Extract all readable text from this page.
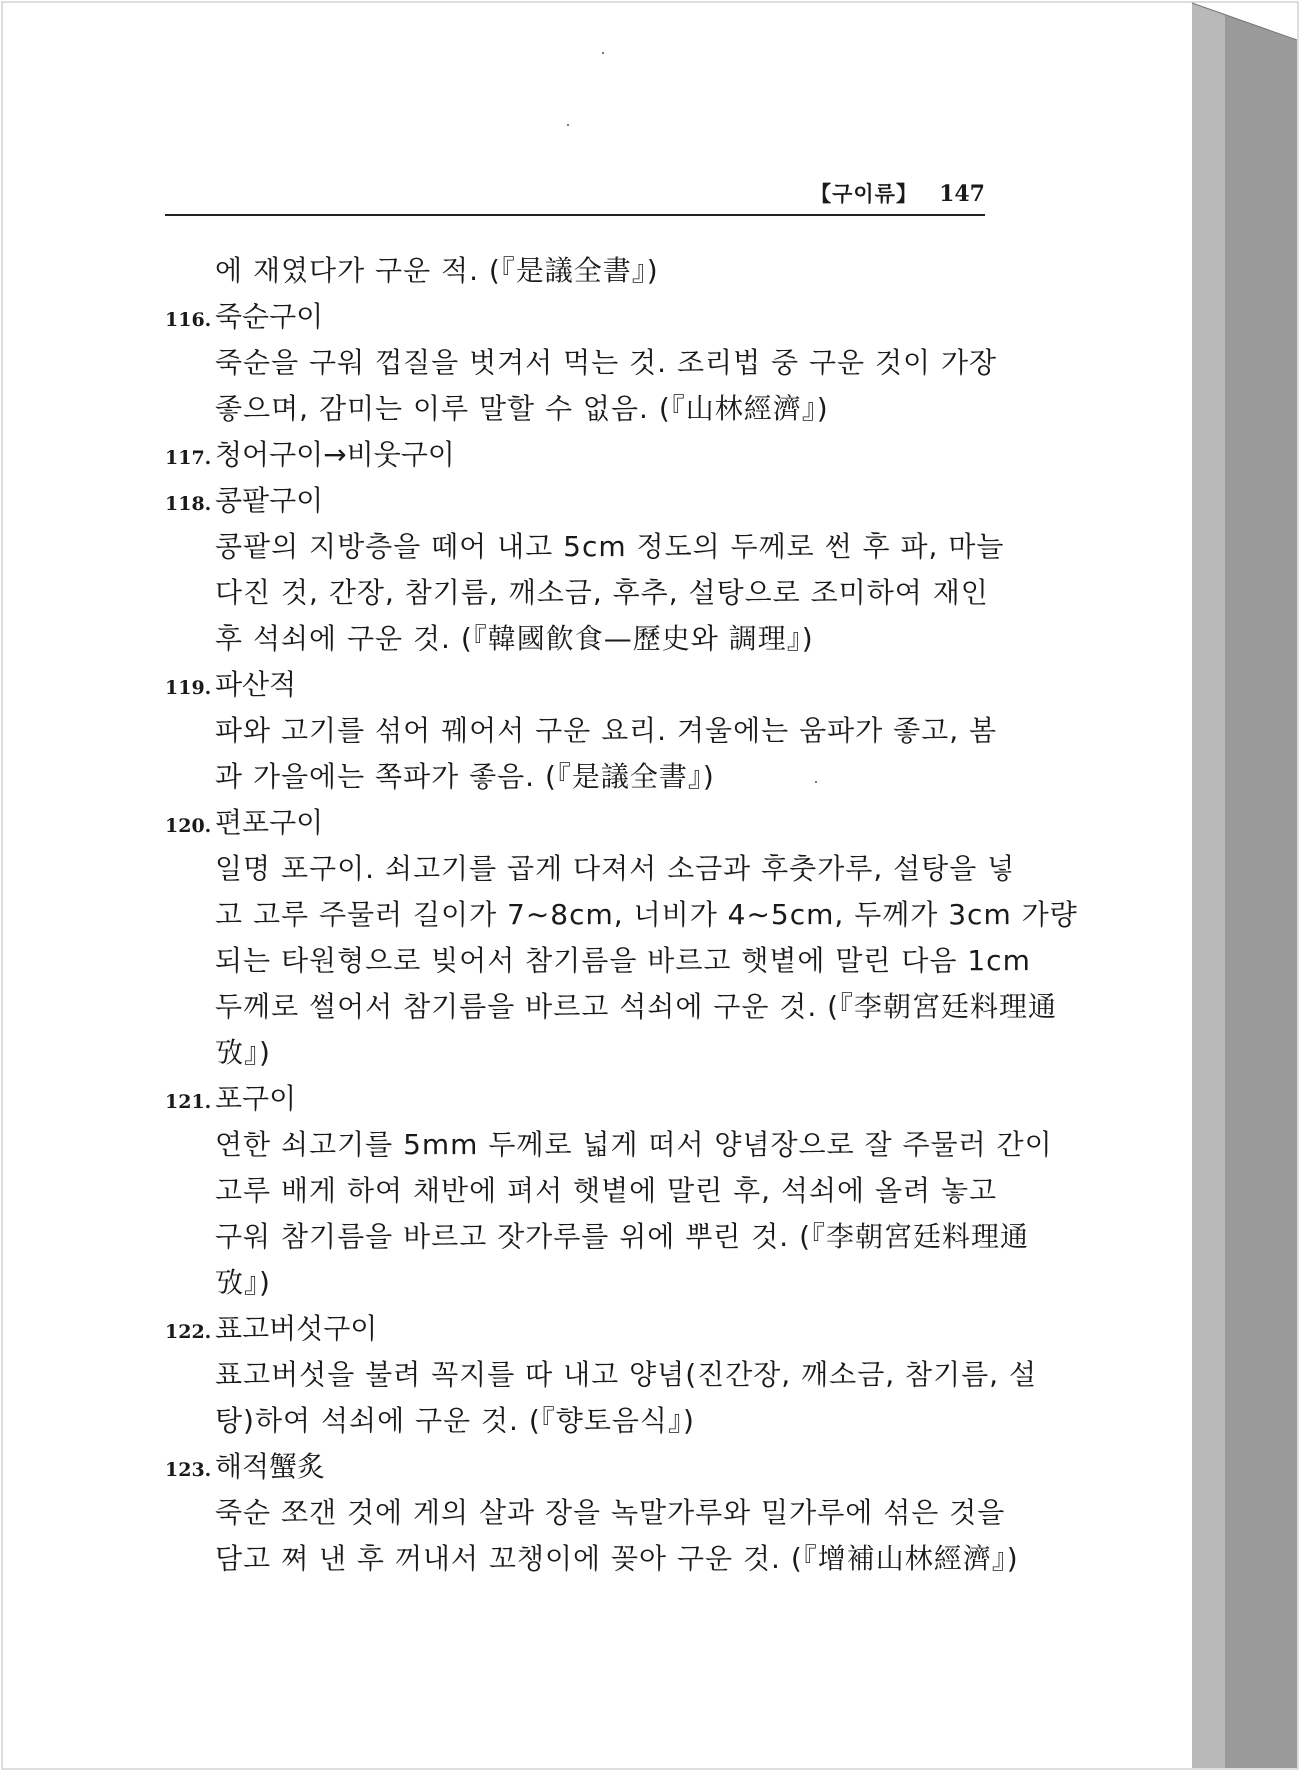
【구이류】 147
에 재였다가 구운 적. (『是議全書』)
116. 죽순구이
죽순을 구워 껍질을 벗겨서 먹는 것. 조리법 중 구운 것이 가장
좋으며, 감미는 이루 말할 수 없음. (『山林經濟』)
117. 청어구이→비웃구이
118. 콩팥구이
콩팥의 지방층을 떼어 내고 5cm 정도의 두께로 썬 후 파, 마늘
다진 것, 간장, 참기름, 깨소금, 후추, 설탕으로 조미하여 재인
후 석쇠에 구운 것. (『韓國飮食—歷史와 調理』)
119. 파산적
파와 고기를 섞어 꿰어서 구운 요리. 겨울에는 움파가 좋고, 봄
과 가을에는 쪽파가 좋음. (『是議全書』)
120. 편포구이
일명 포구이. 쇠고기를 곱게 다져서 소금과 후춧가루, 설탕을 넣
고 고루 주물러 길이가 7∼8cm, 너비가 4∼5cm, 두께가 3cm 가량
되는 타원형으로 빚어서 참기름을 바르고 햇볕에 말린 다음 1cm
두께로 썰어서 참기름을 바르고 석쇠에 구운 것. (『李朝宮廷料理通
攷』)
121. 포구이
연한 쇠고기를 5mm 두께로 넓게 떠서 양념장으로 잘 주물러 간이
고루 배게 하여 채반에 펴서 햇볕에 말린 후, 석쇠에 올려 놓고
구워 참기름을 바르고 잣가루를 위에 뿌린 것. (『李朝宮廷料理通
攷』)
122. 표고버섯구이
표고버섯을 불려 꼭지를 따 내고 양념(진간장, 깨소금, 참기름, 설
탕)하여 석쇠에 구운 것. (『향토음식』)
123. 해적蟹炙
죽순 쪼갠 것에 게의 살과 장을 녹말가루와 밀가루에 섞은 것을
담고 쪄 낸 후 꺼내서 꼬챙이에 꽂아 구운 것. (『增補山林經濟』)
